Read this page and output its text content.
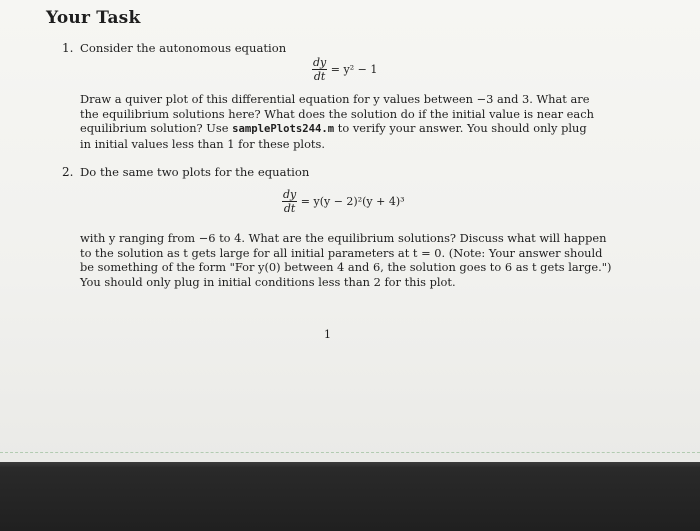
Your Task
1. Consider the autonomous equation
$\frac{dy}{dt} = y^2 - 1$
Draw a quiver plot of this differential equation for y values between −3 and 3. What are
the equilibrium solutions here? What does the solution do if the initial value is near each
equilibrium solution? Use samplePlots244.m to verify your answer. You should only plug
in initial values less than 1 for these plots.
2. Do the same two plots for the equation
$\frac{dy}{dt} = y(y - 2)^2(y + 4)^3$
with y ranging from −6 to 4. What are the equilibrium solutions? Discuss what will happen
to the solution as t gets large for all initial parameters at t = 0. (Note: Your answer should
be something of the form "For y(0) between 4 and 6, the solution goes to 6 as t gets large.")
You should only plug in initial conditions less than 2 for this plot.
1
